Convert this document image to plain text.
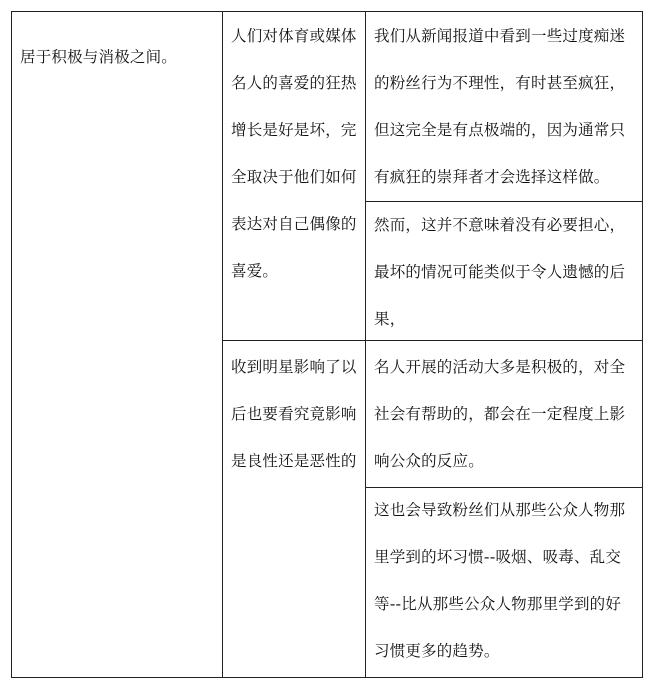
居于积极与消极之间。
人们对体育或媒体
名人的喜爱的狂热
增长是好是坏，完
全取决于他们如何
表达对自己偶像的
喜爱。
收到明星影响了以
后也要看究竟影响
是良性还是恶性的
我们从新闻报道中看到一些过度痴迷
的粉丝行为不理性，有时甚至疯狂，
但这完全是有点极端的，因为通常只
有疯狂的崇拜者才会选择这样做。
然而，这并不意味着没有必要担心，
最坏的情况可能类似于令人遗憾的后
果，
名人开展的活动大多是积极的，对全
社会有帮助的，都会在一定程度上影
响公众的反应。
这也会导致粉丝们从那些公众人物那
里学到的坏习惯--吸烟、吸毒、乱交
等--比从那些公众人物那里学到的好
习惯更多的趋势。
